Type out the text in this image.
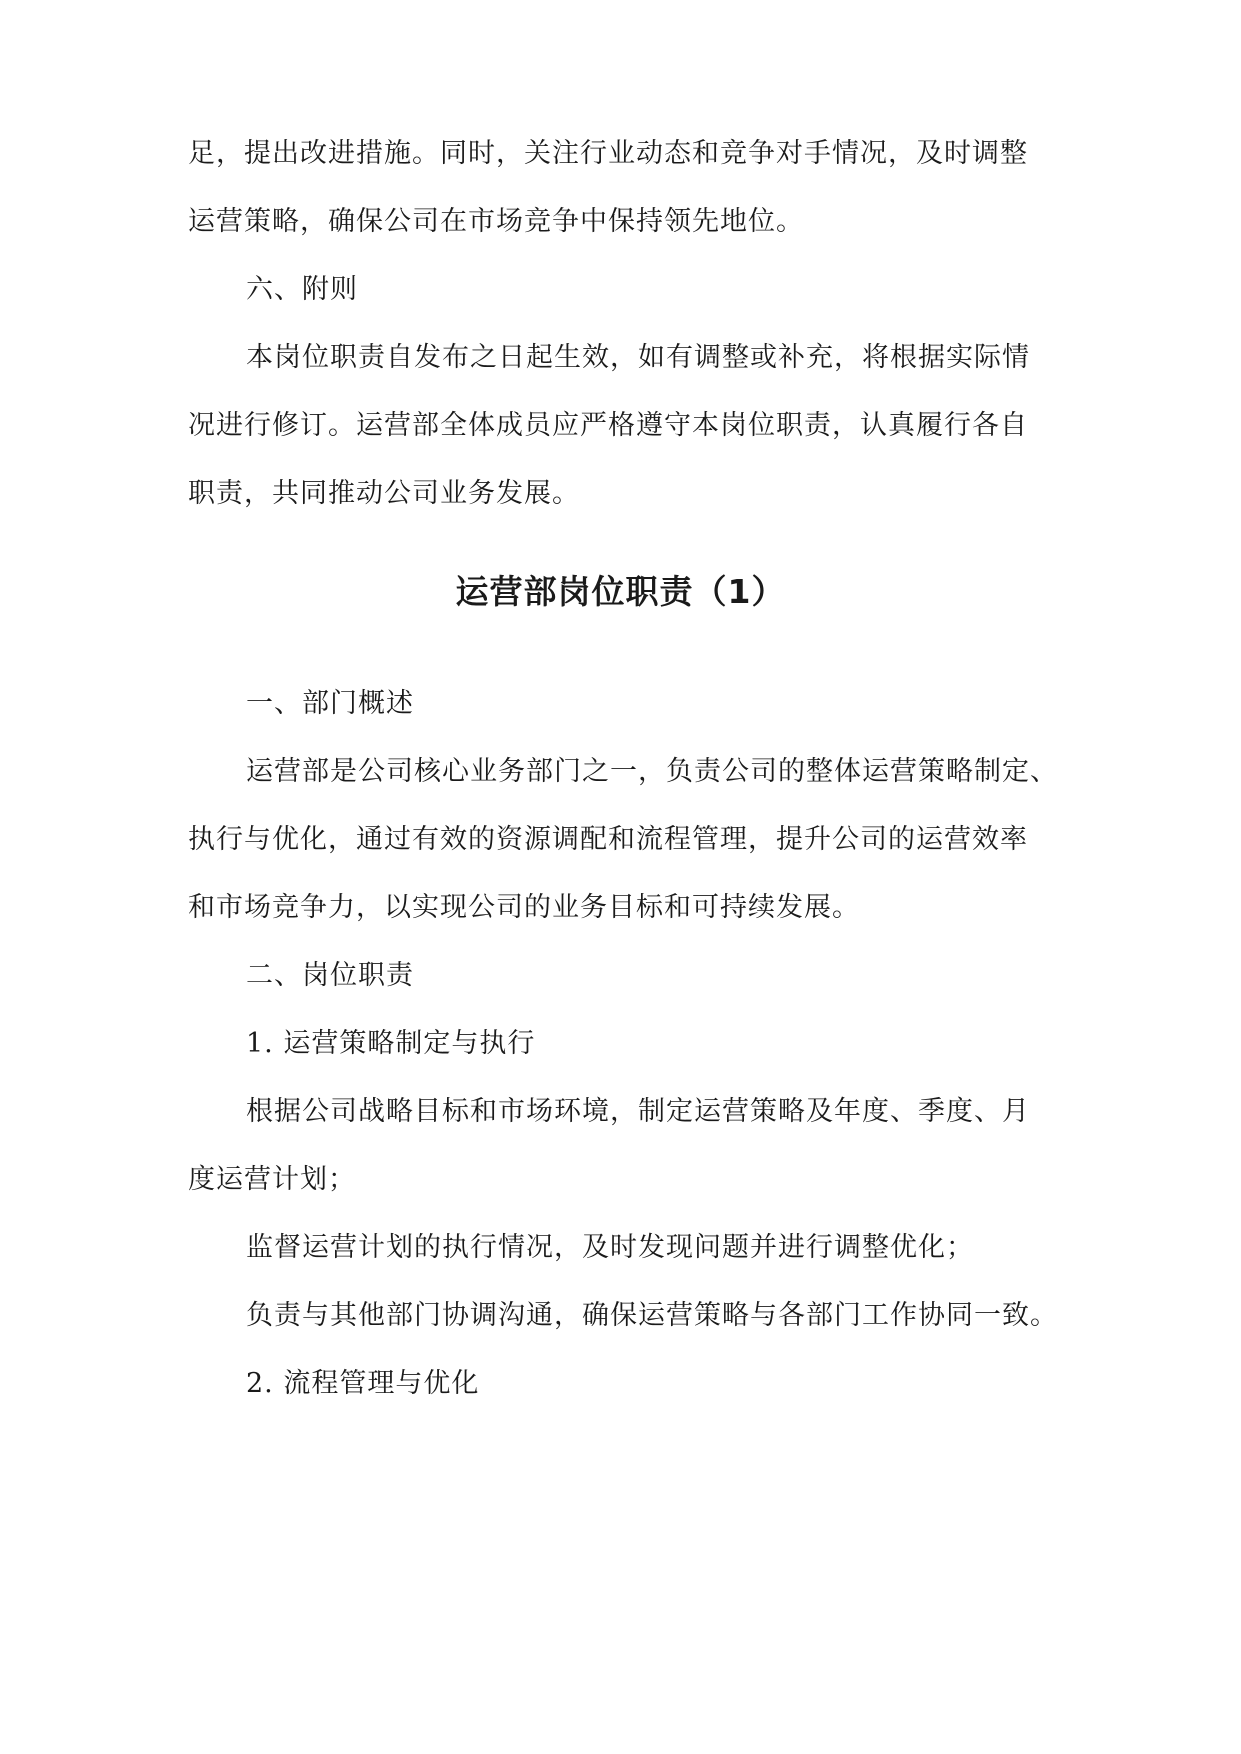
足，提出改进措施。同时，关注行业动态和竞争对手情况，及时调整
运营策略，确保公司在市场竞争中保持领先地位。
六、附则
本岗位职责自发布之日起生效，如有调整或补充，将根据实际情
况进行修订。运营部全体成员应严格遵守本岗位职责，认真履行各自
职责，共同推动公司业务发展。
运营部岗位职责（1）
一、部门概述
运营部是公司核心业务部门之一，负责公司的整体运营策略制定、
执行与优化，通过有效的资源调配和流程管理，提升公司的运营效率
和市场竞争力，以实现公司的业务目标和可持续发展。
二、岗位职责
1. 运营策略制定与执行
根据公司战略目标和市场环境，制定运营策略及年度、季度、月
度运营计划；
监督运营计划的执行情况，及时发现问题并进行调整优化；
负责与其他部门协调沟通，确保运营策略与各部门工作协同一致。
2. 流程管理与优化
